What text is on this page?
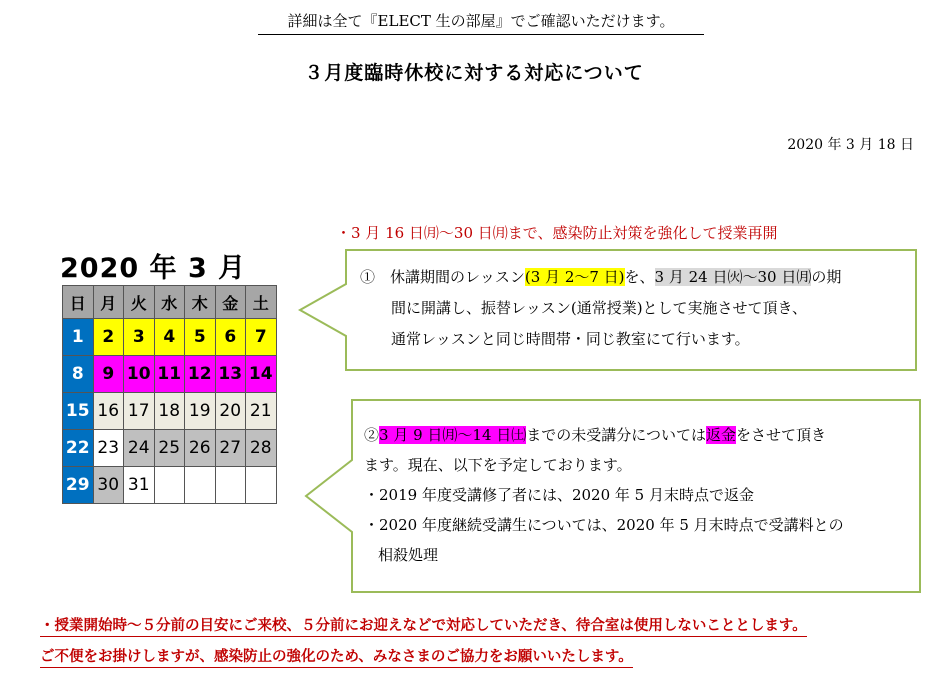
詳細は全て『ELECT 生の部屋』でご確認いただけます。
３月度臨時休校に対する対応について
2020 年 3 月 18 日
・3 月 16 日㈪～30 日㈪まで、感染防止対策を強化して授業再開
2020 年 3 月
日	月	火	水	木	金	土
1	2	3	4	5	6	7
8	9	10	11	12	13	14
15	16	17	18	19	20	21
22	23	24	25	26	27	28
29	30	31				
①　 休講期間のレッスン(3 月 2～7 日)を、3 月 24 日㈫～30 日㈪の期
間に開講し、振替レッスン(通常授業)として実施させて頂き、
通常レッスンと同じ時間帯・同じ教室にて行います。
②3 月 9 日㈪～14 日㈯までの未受講分については返金をさせて頂き
ます。現在、以下を予定しております。
・2019 年度受講修了者には、2020 年 5 月末時点で返金
・2020 年度継続受講生については、2020 年 5 月末時点で受講料との
相殺処理
・授業開始時～５分前の目安にご来校、５分前にお迎えなどで対応していただき、待合室は使用しないこととします。
ご不便をお掛けしますが、感染防止の強化のため、みなさまのご協力をお願いいたします。
